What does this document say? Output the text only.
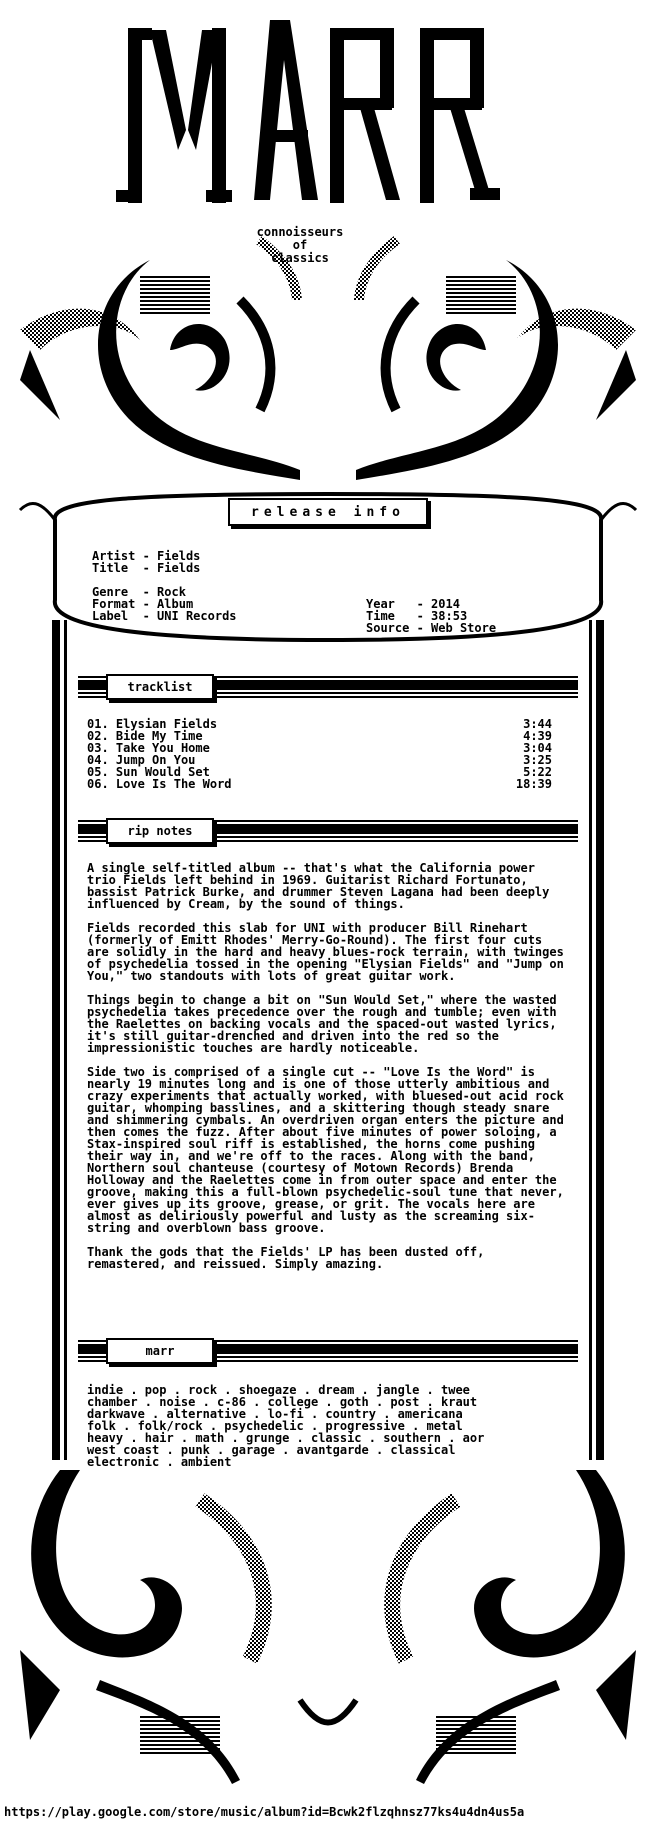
connoisseurs
of
classics
release info

Artist - Fields

Title  - Fields

Genre  - Rock

Year   - 2014

Format - Album

Time   - 38:53

Label  - UNI Records

Source - Web Store

tracklist
01. Elysian Fields	3:44
02. Bide My Time	4:39
03. Take You Home	3:04
04. Jump On You	3:25
05. Sun Would Set	5:22
06. Love Is The Word	18:39
rip notes

A single self-titled album -- that's what the California power trio Fields left behind in 1969. Guitarist Richard Fortunato, bassist Patrick Burke, and drummer Steven Lagana had been deeply influenced by Cream, by the sound of things.

Fields recorded this slab for UNI with producer Bill Rinehart (formerly of Emitt Rhodes' Merry-Go-Round). The first four cuts are solidly in the hard and heavy blues-rock terrain, with twinges of psychedelia tossed in the opening "Elysian Fields" and "Jump on You," two standouts with lots of great guitar work.

Things begin to change a bit on "Sun Would Set," where the wasted psychedelia takes precedence over the rough and tumble; even with the Raelettes on backing vocals and the spaced-out wasted lyrics, it's still guitar-drenched and driven into the red so the impressionistic touches are hardly noticeable.

Side two is comprised of a single cut -- "Love Is the Word" is nearly 19 minutes long and is one of those utterly ambitious and crazy experiments that actually worked, with bluesed-out acid rock guitar, whomping basslines, and a skittering though steady snare and shimmering cymbals. An overdriven organ enters the picture and then comes the fuzz. After about five minutes of power soloing, a Stax-inspired soul riff is established, the horns come pushing their way in, and we're off to the races. Along with the band, Northern soul chanteuse (courtesy of Motown Records) Brenda Holloway and the Raelettes come in from outer space and enter the groove, making this a full-blown psychedelic-soul tune that never, ever gives up its groove, grease, or grit. The vocals here are almost as deliriously powerful and lusty as the screaming six-string and overblown bass groove.

Thank the gods that the Fields' LP has been dusted off, remastered, and reissued. Simply amazing.

marr
indie . pop . rock . shoegaze . dream . jangle . twee
chamber . noise . c-86 . college . goth . post . kraut
darkwave . alternative . lo-fi . country . americana
folk . folk/rock . psychedelic . progressive . metal
heavy . hair . math . grunge . classic . southern . aor
west coast . punk . garage . avantgarde . classical
electronic . ambient
https://play.google.com/store/music/album?id=Bcwk2flzqhnsz77ks4u4dn4us5a
